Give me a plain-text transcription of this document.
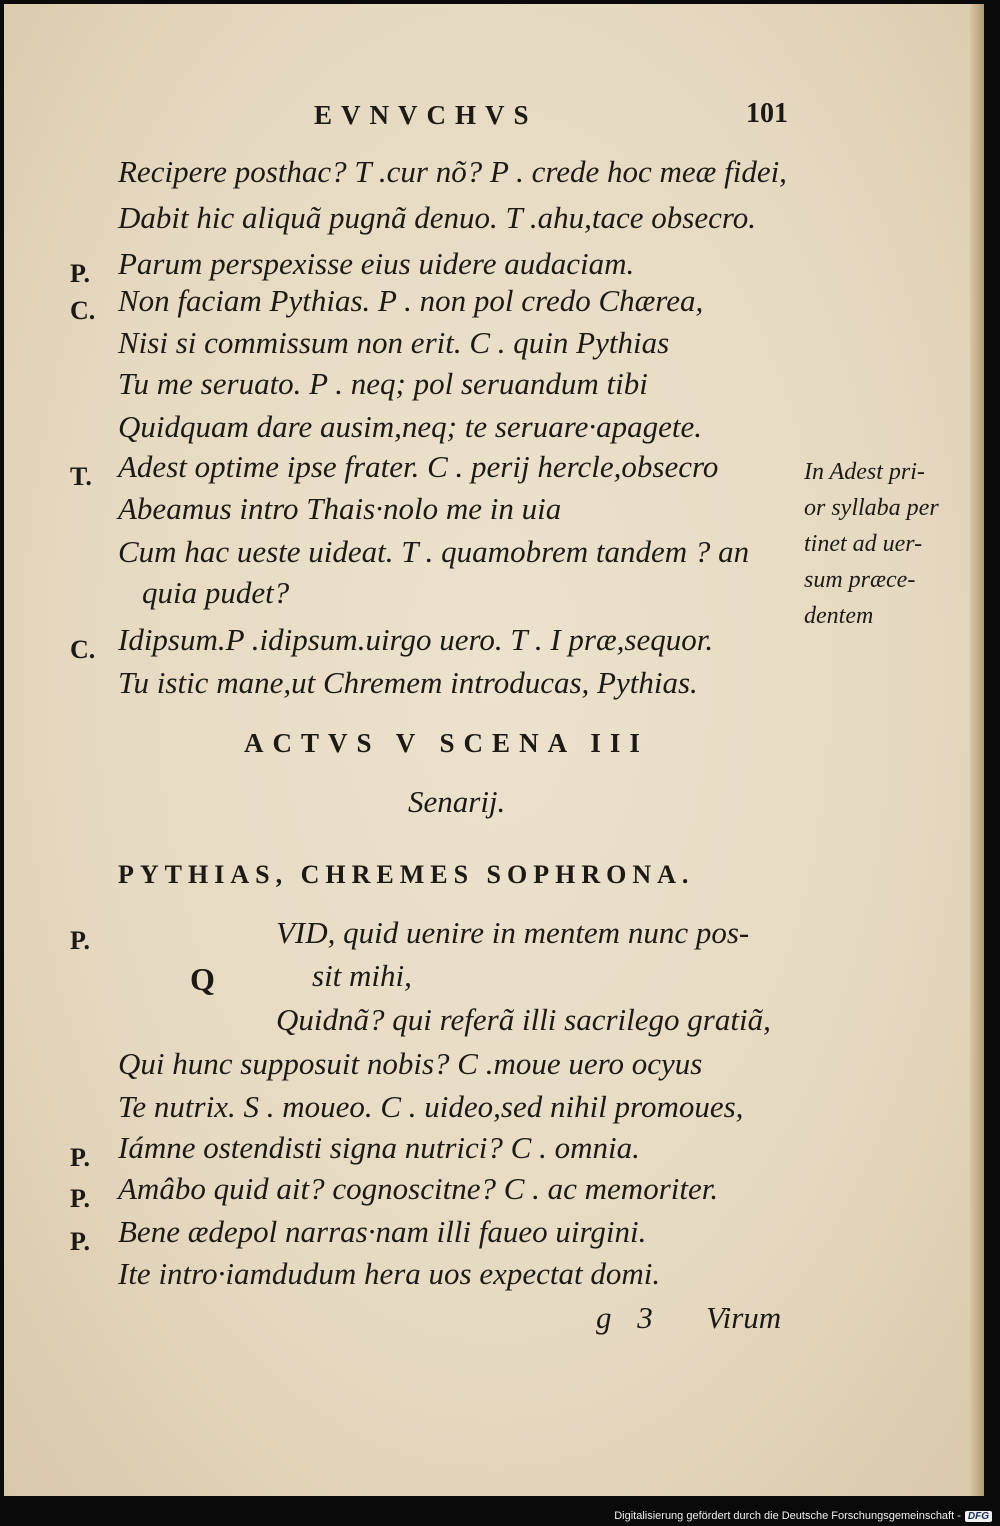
EVNVCHVS	101
Recipere posthac? T .cur nõ? P . crede hoc meæ fidei,
Dabit hic aliquã pugnã denuo. T .ahu,tace obsecro.
P. Parum perspexisse eius uidere audaciam.
C. Non faciam Pythias. P . non pol credo Chærea,
Nisi si commissum non erit. C . quin Pythias
Tu me seruato. P . neq; pol seruandum tibi
Quidquam dare ausim,neq; te seruare·apagete.
T. Adest optime ipse frater. C . perij hercle,obsecro
Abeamus intro Thais·nolo me in uia
Cum hac ueste uideat. T . quamobrem tandem ? an
quia pudet?
C. Idipsum.P .idipsum.uirgo uero. T . I præ,sequor.
Tu istic mane,ut Chremem introducas, Pythias.
In Adest pri-
or syllaba per
tinet ad uer-
sum præce-
dentem
ACTVS V SCENA III
Senarij.
PYTHIAS, CHREMES SOPHRONA.
P.
Q
VID, quid uenire in mentem nunc pos-
sit mihi,
Quidnã? qui referã illi sacrilego gratiã,
Qui hunc supposuit nobis? C .moue uero ocyus
Te nutrix. S . moueo. C . uideo,sed nihil promoues,
P. Iámne ostendisti signa nutrici? C . omnia.
P. Amâbo quid ait? cognoscitne? C . ac memoriter.
P. Bene ædepol narras·nam illi faueo uirgini.
Ite intro·iamdudum hera uos expectat domi.
g 3 Virum
Digitalisierung gefördert durch die Deutsche Forschungsgemeinschaft - DFG
